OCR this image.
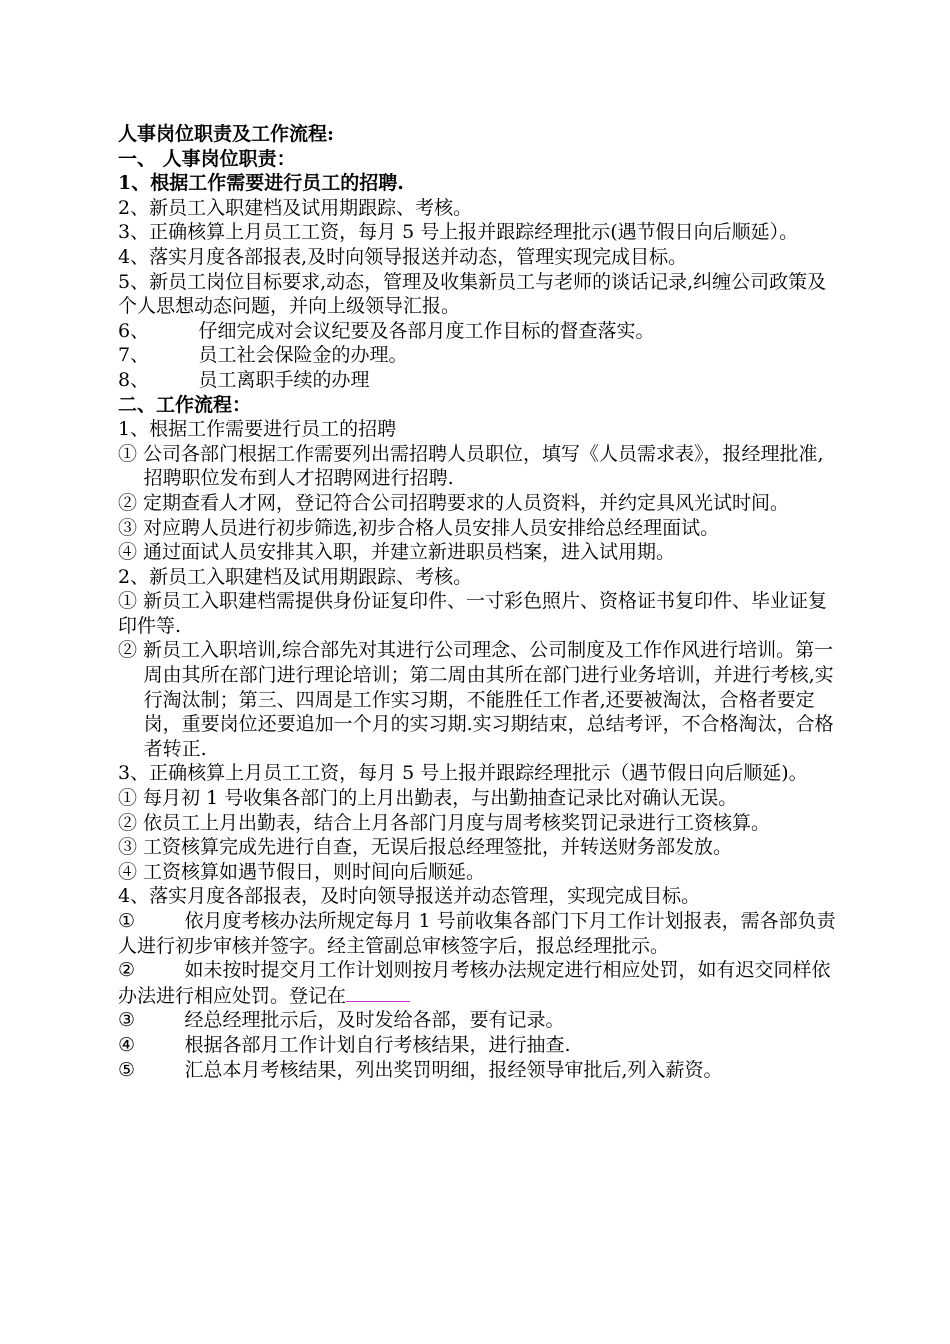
人事岗位职责及工作流程:
一、 人事岗位职责：
1、根据工作需要进行员工的招聘.
2、新员工入职建档及试用期跟踪、考核。
3、正确核算上月员工工资，每月 5 号上报并跟踪经理批示(遇节假日向后顺延）。
4、落实月度各部报表,及时向领导报送并动态，管理实现完成目标。
5、新员工岗位目标要求,动态，管理及收集新员工与老师的谈话记录,纠缠公司政策及个人思想动态问题，并向上级领导汇报。
6、	仔细完成对会议纪要及各部月度工作目标的督查落实。
7、	员工社会保险金的办理。
8、	员工离职手续的办理
二、工作流程：
1、根据工作需要进行员工的招聘
① 公司各部门根据工作需要列出需招聘人员职位，填写《人员需求表》，报经理批准,招聘职位发布到人才招聘网进行招聘.
② 定期查看人才网，登记符合公司招聘要求的人员资料，并约定具风光试时间。
③ 对应聘人员进行初步筛选,初步合格人员安排人员安排给总经理面试。
④ 通过面试人员安排其入职，并建立新进职员档案，进入试用期。
2、新员工入职建档及试用期跟踪、考核。
① 新员工入职建档需提供身份证复印件、一寸彩色照片、资格证书复印件、毕业证复印件等.
② 新员工入职培训,综合部先对其进行公司理念、公司制度及工作作风进行培训。第一周由其所在部门进行理论培训；第二周由其所在部门进行业务培训，并进行考核,实行淘汰制；第三、四周是工作实习期，不能胜任工作者,还要被淘汰，合格者要定岗，重要岗位还要追加一个月的实习期.实习期结束，总结考评，不合格淘汰，合格者转正.
3、正确核算上月员工工资，每月 5 号上报并跟踪经理批示（遇节假日向后顺延)。
① 每月初 1 号收集各部门的上月出勤表，与出勤抽查记录比对确认无误。
② 依员工上月出勤表，结合上月各部门月度与周考核奖罚记录进行工资核算。
③ 工资核算完成先进行自查，无误后报总经理签批，并转送财务部发放。
④ 工资核算如遇节假日，则时间向后顺延。
4、落实月度各部报表，及时向领导报送并动态管理，实现完成目标。
①	依月度考核办法所规定每月 1 号前收集各部门下月工作计划报表，需各部负责人进行初步审核并签字。经主管副总审核签字后，报总经理批示。
②	如未按时提交月工作计划则按月考核办法规定进行相应处罚，如有迟交同样依办法进行相应处罚。登记在
③	经总经理批示后，及时发给各部，要有记录。
④	根据各部月工作计划自行考核结果，进行抽查.
⑤	汇总本月考核结果，列出奖罚明细，报经领导审批后,列入薪资。
